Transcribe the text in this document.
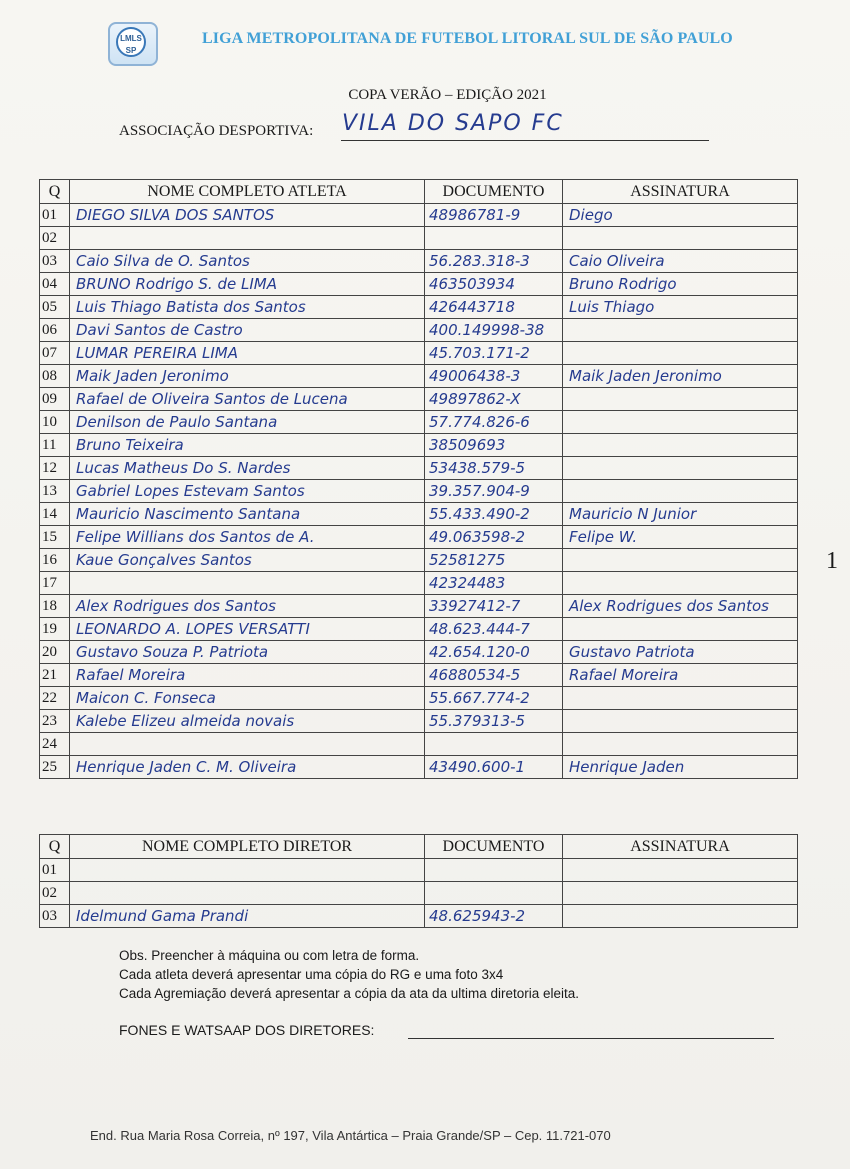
LMLS
SP
LIGA METROPOLITANA DE FUTEBOL LITORAL SUL DE SÃO PAULO
COPA VERÃO – EDIÇÃO 2021
ASSOCIAÇÃO DESPORTIVA: VILA DO SAPO FC
Q	NOME COMPLETO ATLETA	DOCUMENTO	ASSINATURA
01	DIEGO SILVA DOS SANTOS	48986781-9	Diego

02	

03	Caio Silva de O. Santos	56.283.318-3	Caio Oliveira

04	BRUNO Rodrigo S. de LIMA	463503934	Bruno Rodrigo

05	Luis Thiago Batista dos Santos	426443718	Luis Thiago

06	Davi Santos de Castro	400.149998-38	

07	LUMAR PEREIRA LIMA	45.703.171-2	

08	Maik Jaden Jeronimo	49006438-3	Maik Jaden Jeronimo

09	Rafael de Oliveira Santos de Lucena	49897862-X	

10	Denilson de Paulo Santana	57.774.826-6	

11	Bruno Teixeira	38509693	

12	Lucas Matheus Do S. Nardes	53438.579-5	

13	Gabriel Lopes Estevam Santos	39.357.904-9	

14	Mauricio Nascimento Santana	55.433.490-2	Mauricio N Junior

15	Felipe Willians dos Santos de A.	49.063598-2	Felipe W.

16	Kaue Gonçalves Santos	52581275	

17		42324483	

18	Alex Rodrigues dos Santos	33927412-7	Alex Rodrigues dos Santos

19	LEONARDO A. LOPES VERSATTI	48.623.444-7	

20	Gustavo Souza P. Patriota	42.654.120-0	Gustavo Patriota

21	Rafael Moreira	46880534-5	Rafael Moreira

22	Maicon C. Fonseca	55.667.774-2	

23	Kalebe Elizeu almeida novais	55.379313-5	

24	

25	Henrique Jaden C. M. Oliveira	43490.600-1	Henrique Jaden
1
Q	NOME COMPLETO DIRETOR	DOCUMENTO	ASSINATURA
01	

02	

03	Idelmund Gama Prandi	48.625943-2	

Obs. Preencher à máquina ou com letra de forma.
Cada atleta deverá apresentar uma cópia do RG e uma foto 3x4
Cada Agremiação deverá apresentar a cópia da ata da ultima diretoria eleita.
FONES E WATSAAP DOS DIRETORES:
End. Rua Maria Rosa Correia, nº 197, Vila Antártica – Praia Grande/SP – Cep. 11.721-070
